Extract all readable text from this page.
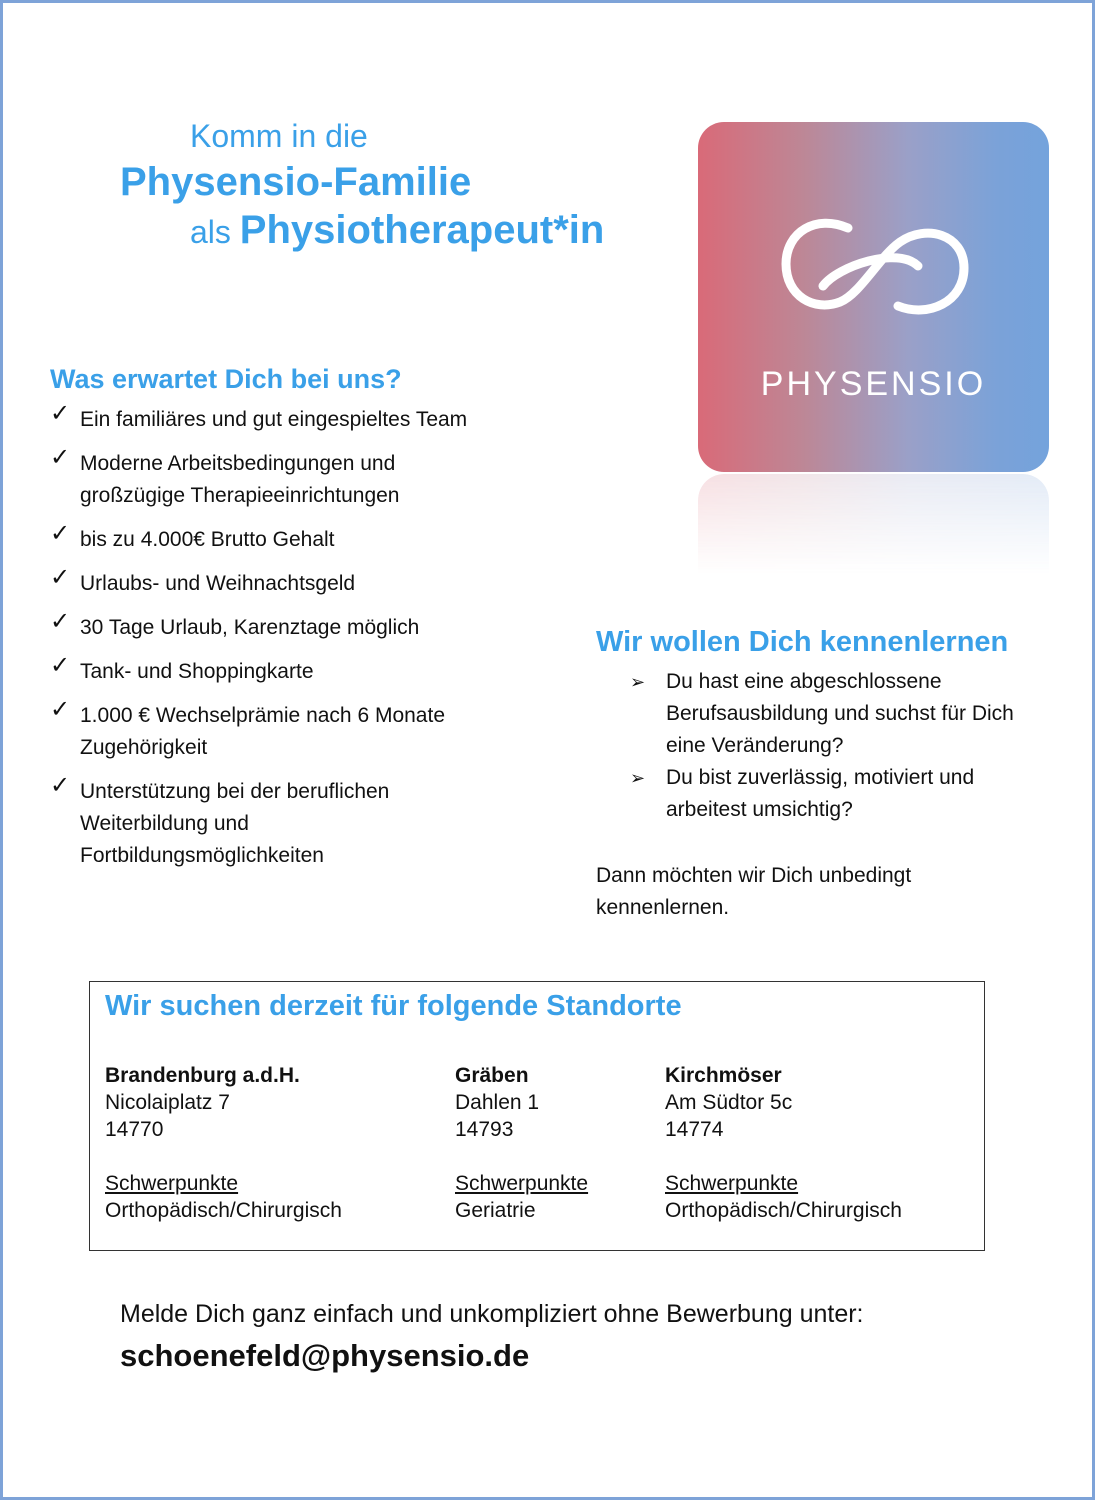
Komm in die
Physensio-Familie
als Physiotherapeut*in
PHYSENSIO
Was erwartet Dich bei uns?
✓ Ein familiäres und gut eingespieltes Team
✓ Moderne Arbeitsbedingungen und
großzügige Therapieeinrichtungen
✓ bis zu 4.000€ Brutto Gehalt
✓ Urlaubs- und Weihnachtsgeld
✓ 30 Tage Urlaub, Karenztage möglich
✓ Tank- und Shoppingkarte
✓ 1.000 € Wechselprämie nach 6 Monate
Zugehörigkeit
✓ Unterstützung bei der beruflichen
Weiterbildung und
Fortbildungsmöglichkeiten
Wir wollen Dich kennenlernen
➢ Du hast eine abgeschlossene
Berufsausbildung und suchst für Dich
eine Veränderung?
➢ Du bist zuverlässig, motiviert und
arbeitest umsichtig?
Dann möchten wir Dich unbedingt
kennenlernen.
Wir suchen derzeit für folgende Standorte
Brandenburg a.d.H.
Nicolaiplatz 7
14770
Schwerpunkte
Orthopädisch/Chirurgisch
Gräben
Dahlen 1
14793
Schwerpunkte
Geriatrie
Kirchmöser
Am Südtor 5c
14774
Schwerpunkte
Orthopädisch/Chirurgisch
Melde Dich ganz einfach und unkompliziert ohne Bewerbung unter:
schoenefeld@physensio.de
